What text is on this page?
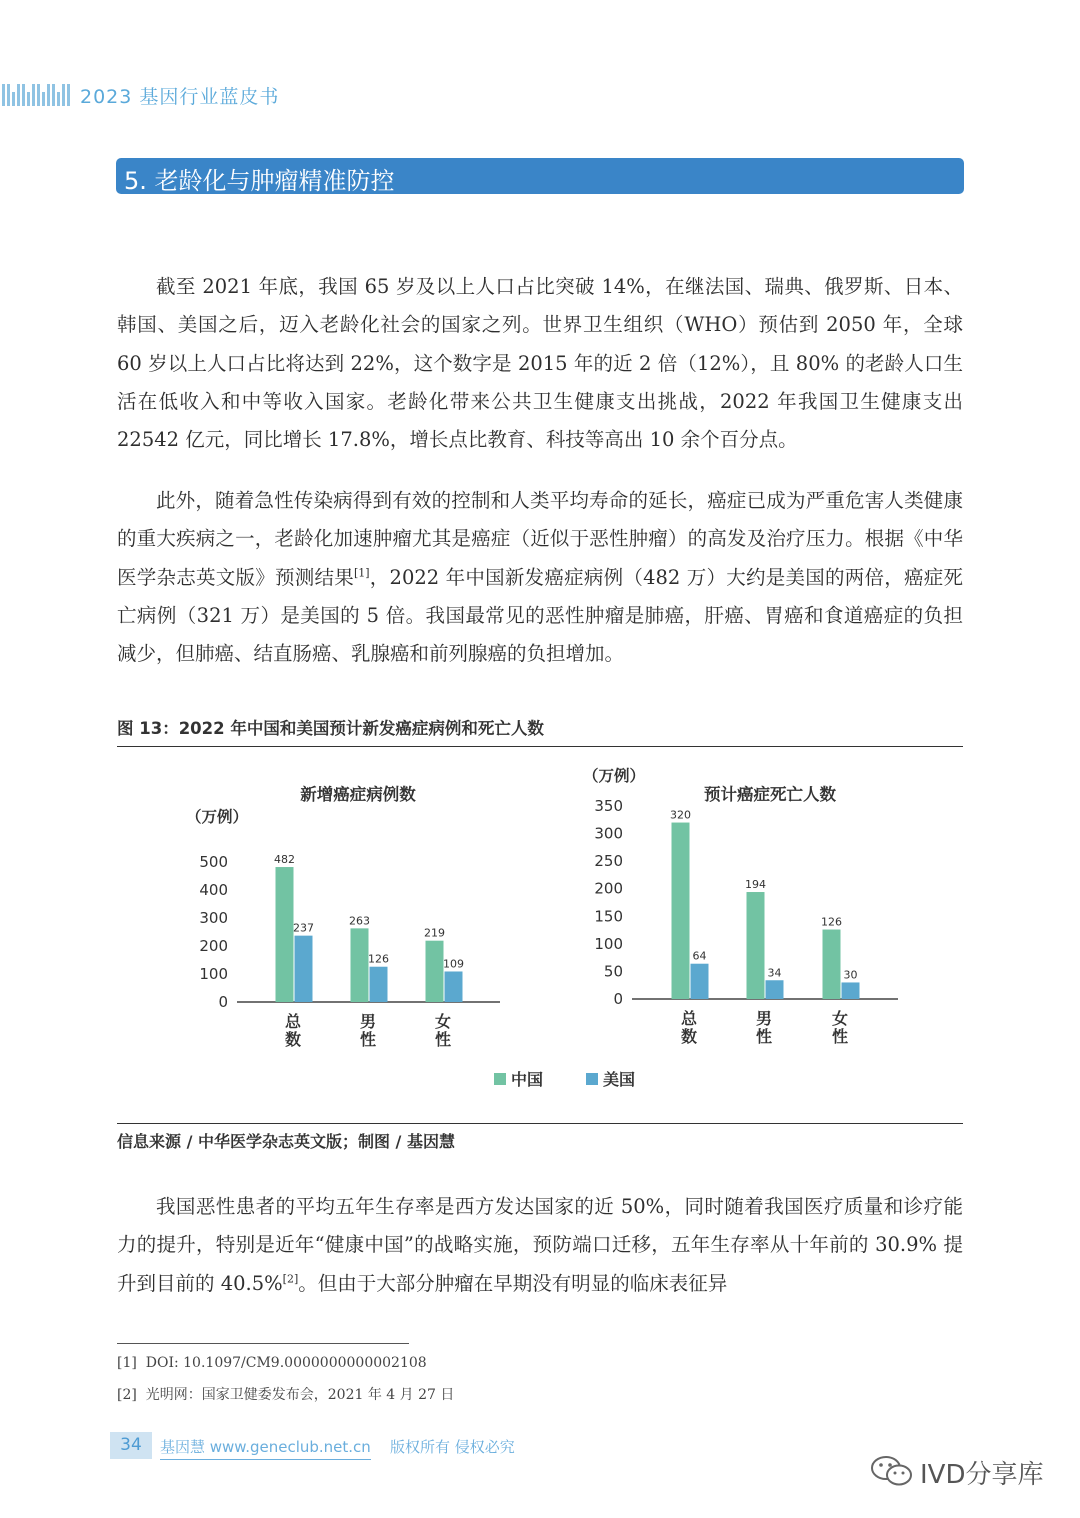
2023 基因行业蓝皮书
5. 老龄化与肿瘤精准防控

截至 2021 年底，我国 65 岁及以上人口占比突破 14%，在继法国、瑞典、俄罗斯、日本、韩国、美国之后，迈入老龄化社会的国家之列。世界卫生组织（WHO）预估到 2050 年，全球 60 岁以上人口占比将达到 22%，这个数字是 2015 年的近 2 倍（12%），且 80% 的老龄人口生活在低收入和中等收入国家。老龄化带来公共卫生健康支出挑战，2022 年我国卫生健康支出 22542 亿元，同比增长 17.8%，增长点比教育、科技等高出 10 余个百分点。

此外，随着急性传染病得到有效的控制和人类平均寿命的延长，癌症已成为严重危害人类健康的重大疾病之一，老龄化加速肿瘤尤其是癌症（近似于恶性肿瘤）的高发及治疗压力。根据《中华医学杂志英文版》预测结果[1]，2022 年中国新发癌症病例（482 万）大约是美国的两倍，癌症死亡病例（321 万）是美国的 5 倍。我国最常见的恶性肿瘤是肺癌，肝癌、胃癌和食道癌症的负担减少，但肺癌、结直肠癌、乳腺癌和前列腺癌的负担增加。

图 13：2022 年中国和美国预计新发癌症病例和死亡人数
新增癌症病例数
（万例）
0
100
200
300
400
500	482
237
总
数
263
126
男
性
219
109
女
性
预计癌症死亡人数
（万例）
0
50
100
150
200
250
300
350
320
64
总
数
194
34
男
性
126
30
女
性
中国	美国
信息来源 / 中华医学杂志英文版；制图 / 基因慧

我国恶性患者的平均五年生存率是西方发达国家的近 50%，同时随着我国医疗质量和诊疗能力的提升，特别是近年“健康中国”的战略实施，预防端口迁移，五年生存率从十年前的 30.9% 提升到目前的 40.5%[2]。但由于大部分肿瘤在早期没有明显的临床表征异

[1] DOI: 10.1097/CM9.0000000000002108
[2] 光明网：国家卫健委发布会，2021 年 4 月 27 日
34	基因慧 www.geneclub.net.cn 版权所有 侵权必究
IVD分享库
